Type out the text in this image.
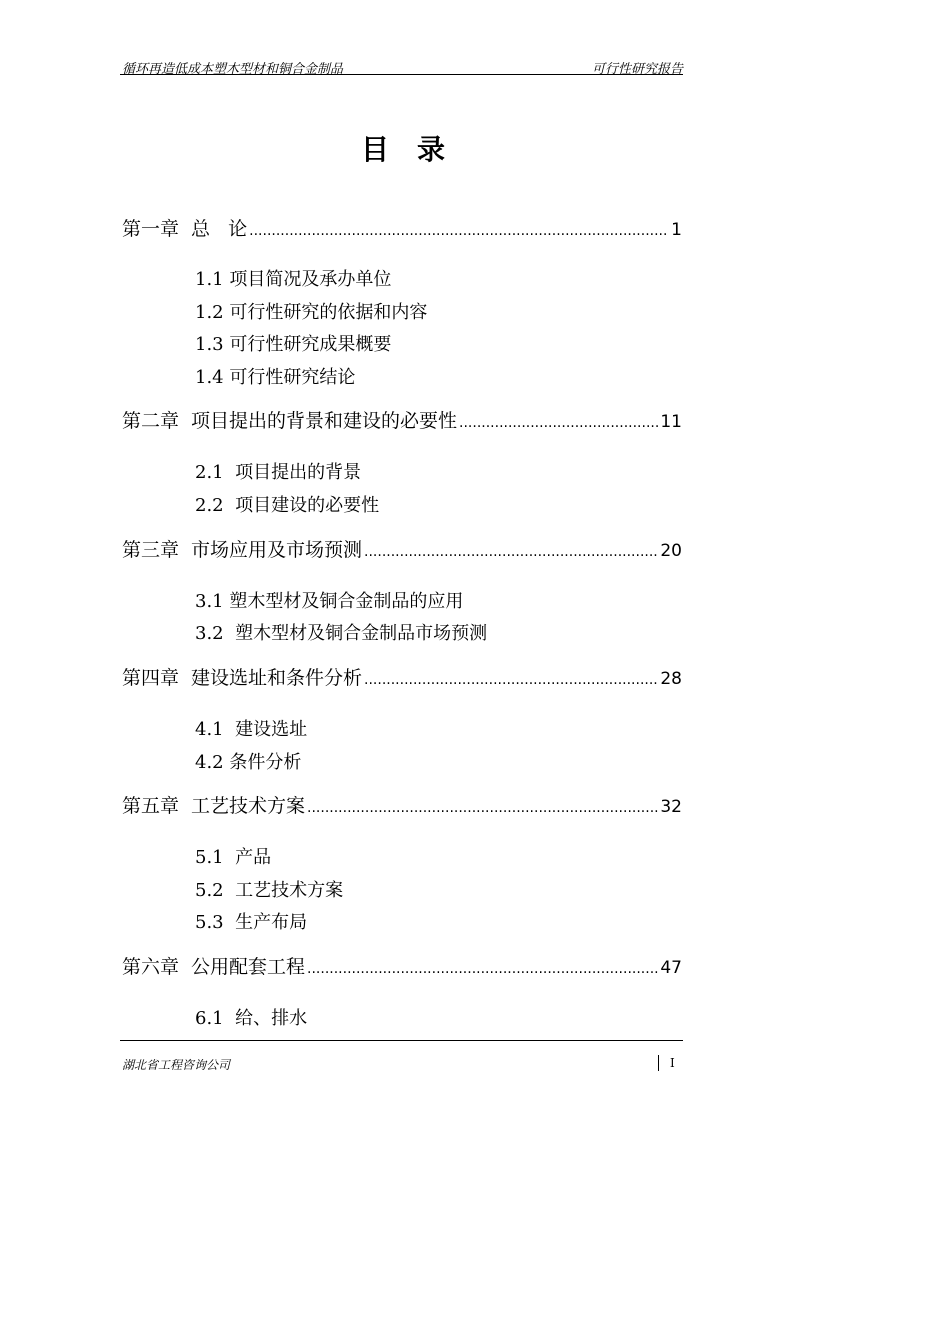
循环再造低成本塑木型材和铜合金制品	可行性研究报告
目录
第一章 总   论 .....	1
1.1 项目简况及承办单位
1.2 可行性研究的依据和内容
1.3 可行性研究成果概要
1.4 可行性研究结论
第二章 项目提出的背景和建设的必要性 .....	11
2.1  项目提出的背景
2.2  项目建设的必要性
第三章 市场应用及市场预测 .....	20
3.1 塑木型材及铜合金制品的应用
3.2  塑木型材及铜合金制品市场预测
第四章 建设选址和条件分析 .....	28
4.1  建设选址
4.2 条件分析
第五章 工艺技术方案 .....	32
5.1  产品
5.2  工艺技术方案
5.3  生产布局
第六章 公用配套工程 .....	47
6.1  给、排水
湖北省工程咨询公司	I
